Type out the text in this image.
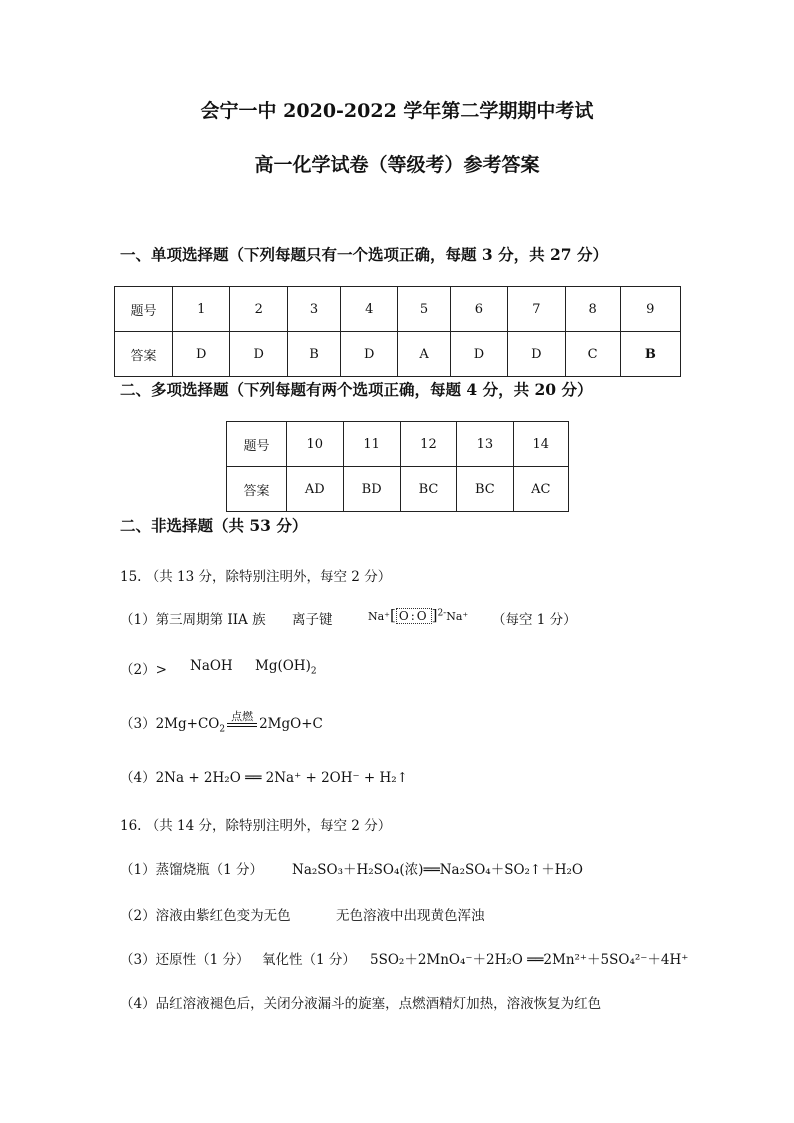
会宁一中 2020-2022 学年第二学期期中考试
高一化学试卷（等级考）参考答案
一、单项选择题（下列每题只有一个选项正确，每题 3 分，共 27 分）
题号	1	2	3	4	5	6	7	8	9
答案	D	D	B	D	A	D	D	C	B
二、多项选择题（下列每题有两个选项正确，每题 4 分，共 20 分）
题号	10	11	12	13	14
答案	AD	BD	BC	BC	AC
二、非选择题（共 53 分）
15. （共 13 分，除特别注明外，每空 2 分）
（1）第三周期第 IIA 族 离子键	Na⁺[ O:O ]$^{2-}$Na⁺ （每空 1 分）
（2）> NaOH $Mg(OH)_2$
$(3)2Mg+CO_2$
点燃 2MgO+C
（4）2Na + 2H₂O ══ 2Na⁺ + 2OH⁻ + H₂↑
16. （共 14 分，除特别注明外，每空 2 分）
（1）蒸馏烧瓶（1 分） Na₂SO₃＋H₂SO₄(浓)══Na₂SO₄＋SO₂↑＋H₂O
（2）溶液由紫红色变为无色	无色溶液中出现黄色浑浊
（3）还原性（1 分） 氧化性（1 分） 5SO₂＋2MnO₄⁻＋2H₂O ══2Mn²⁺＋5SO₄²⁻＋4H⁺
（4）品红溶液褪色后，关闭分液漏斗的旋塞，点燃酒精灯加热，溶液恢复为红色
